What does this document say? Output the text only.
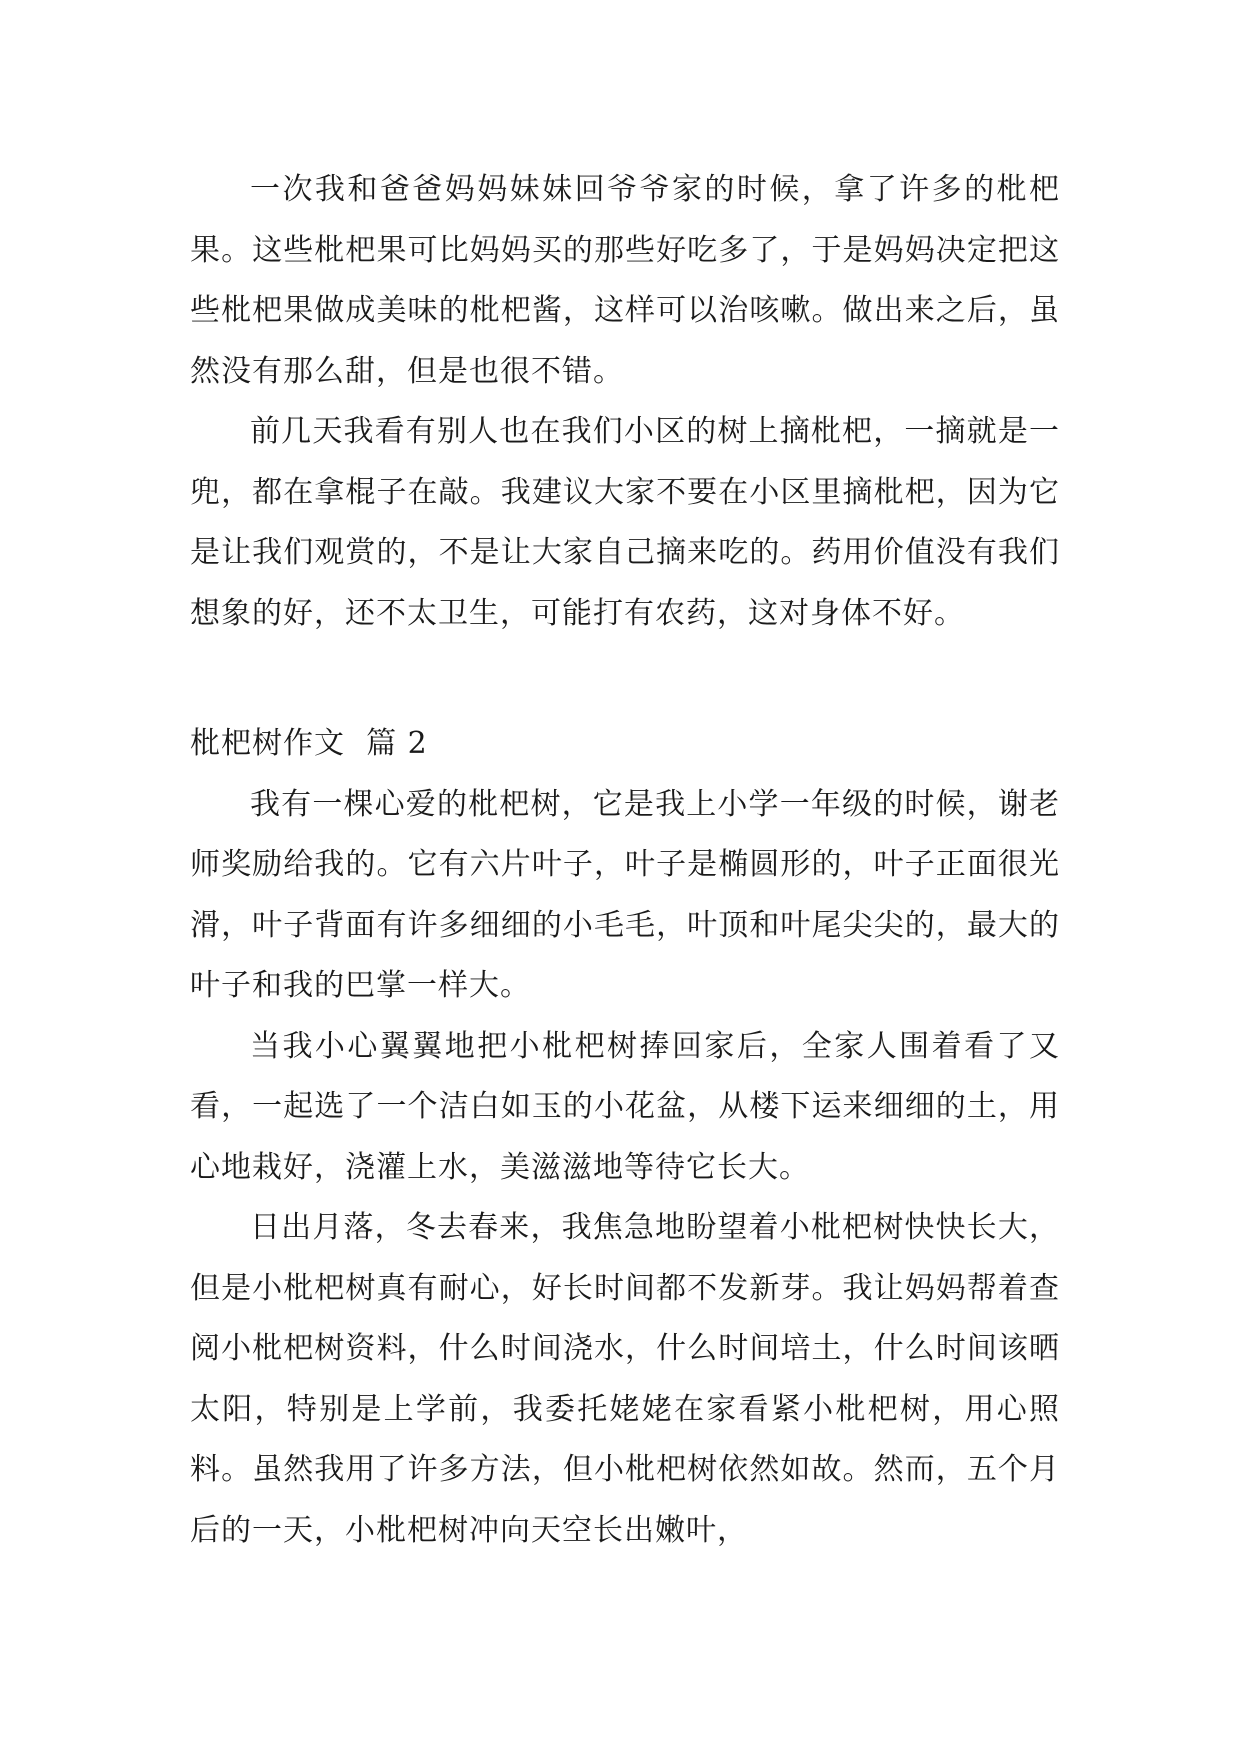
一次我和爸爸妈妈妹妹回爷爷家的时候，拿了许多的枇杷果。这些枇杷果可比妈妈买的那些好吃多了，于是妈妈决定把这些枇杷果做成美味的枇杷酱，这样可以治咳嗽。做出来之后，虽然没有那么甜，但是也很不错。

前几天我看有别人也在我们小区的树上摘枇杷，一摘就是一兜，都在拿棍子在敲。我建议大家不要在小区里摘枇杷，因为它是让我们观赏的，不是让大家自己摘来吃的。药用价值没有我们想象的好，还不太卫生，可能打有农药，这对身体不好。

枇杷树作文 篇 2

我有一棵心爱的枇杷树，它是我上小学一年级的时候，谢老师奖励给我的。它有六片叶子，叶子是椭圆形的，叶子正面很光滑，叶子背面有许多细细的小毛毛，叶顶和叶尾尖尖的，最大的叶子和我的巴掌一样大。

当我小心翼翼地把小枇杷树捧回家后，全家人围着看了又看，一起选了一个洁白如玉的小花盆，从楼下运来细细的土，用心地栽好，浇灌上水，美滋滋地等待它长大。

日出月落，冬去春来，我焦急地盼望着小枇杷树快快长大，但是小枇杷树真有耐心，好长时间都不发新芽。我让妈妈帮着查阅小枇杷树资料，什么时间浇水，什么时间培土，什么时间该晒太阳，特别是上学前，我委托姥姥在家看紧小枇杷树，用心照料。虽然我用了许多方法，但小枇杷树依然如故。然而，五个月后的一天，小枇杷树冲向天空长出嫩叶，
